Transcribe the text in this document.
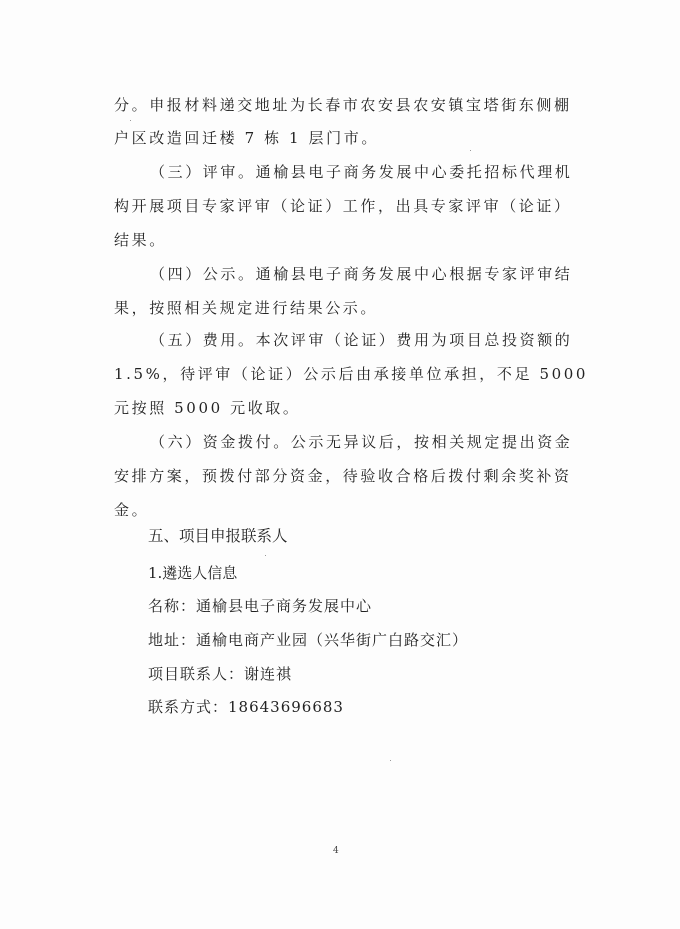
分。申报材料递交地址为长春市农安县农安镇宝塔街东侧棚
户区改造回迁楼 7 栋 1 层门市。
（三）评审。通榆县电子商务发展中心委托招标代理机
构开展项目专家评审（论证）工作，出具专家评审（论证）
结果。
（四）公示。通榆县电子商务发展中心根据专家评审结
果，按照相关规定进行结果公示。
（五）费用。本次评审（论证）费用为项目总投资额的
1.5%，待评审（论证）公示后由承接单位承担，不足 5000
元按照 5000 元收取。
（六）资金拨付。公示无异议后，按相关规定提出资金
安排方案，预拨付部分资金，待验收合格后拨付剩余奖补资
金。
五、项目申报联系人
1.遴选人信息
名称：通榆县电子商务发展中心
地址：通榆电商产业园（兴华街广白路交汇）
项目联系人：谢连祺
联系方式：18643696683
4
